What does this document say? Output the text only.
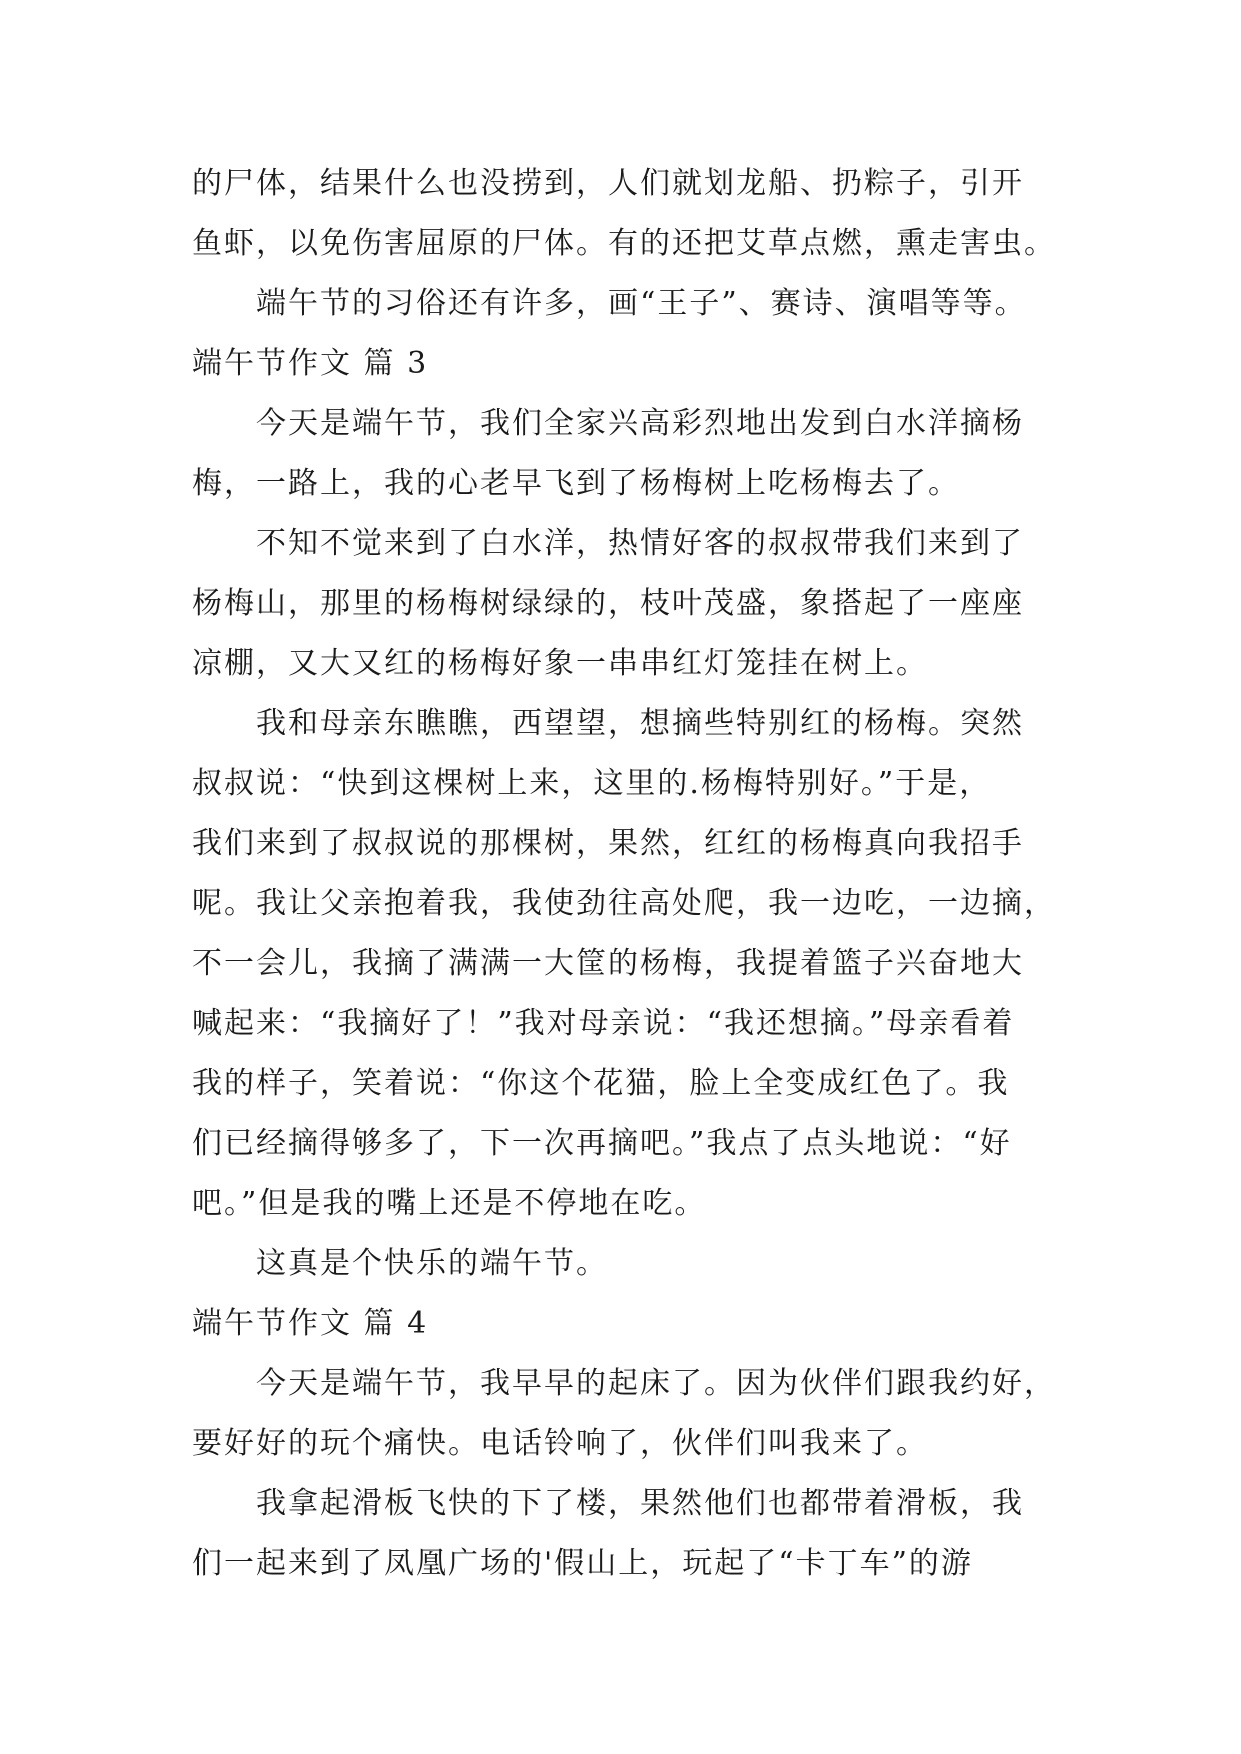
的尸体，结果什么也没捞到，人们就划龙船、扔粽子，引开
鱼虾，以免伤害屈原的尸体。有的还把艾草点燃，熏走害虫。
端午节的习俗还有许多，画“王子”、赛诗、演唱等等。
端午节作文 篇 3
今天是端午节，我们全家兴高彩烈地出发到白水洋摘杨
梅，一路上，我的心老早飞到了杨梅树上吃杨梅去了。
不知不觉来到了白水洋，热情好客的叔叔带我们来到了
杨梅山，那里的杨梅树绿绿的，枝叶茂盛，象搭起了一座座
凉棚，又大又红的杨梅好象一串串红灯笼挂在树上。
我和母亲东瞧瞧，西望望，想摘些特别红的杨梅。突然
叔叔说：“快到这棵树上来，这里的.杨梅特别好。”于是，
我们来到了叔叔说的那棵树，果然，红红的杨梅真向我招手
呢。我让父亲抱着我，我使劲往高处爬，我一边吃，一边摘，
不一会儿，我摘了满满一大筐的杨梅，我提着篮子兴奋地大
喊起来：“我摘好了！”我对母亲说：“我还想摘。”母亲看着
我的样子，笑着说：“你这个花猫，脸上全变成红色了。我
们已经摘得够多了，下一次再摘吧。”我点了点头地说：“好
吧。”但是我的嘴上还是不停地在吃。
这真是个快乐的端午节。
端午节作文 篇 4
今天是端午节，我早早的起床了。因为伙伴们跟我约好，
要好好的玩个痛快。电话铃响了，伙伴们叫我来了。
我拿起滑板飞快的下了楼，果然他们也都带着滑板，我
们一起来到了凤凰广场的'假山上，玩起了“卡丁车”的游
